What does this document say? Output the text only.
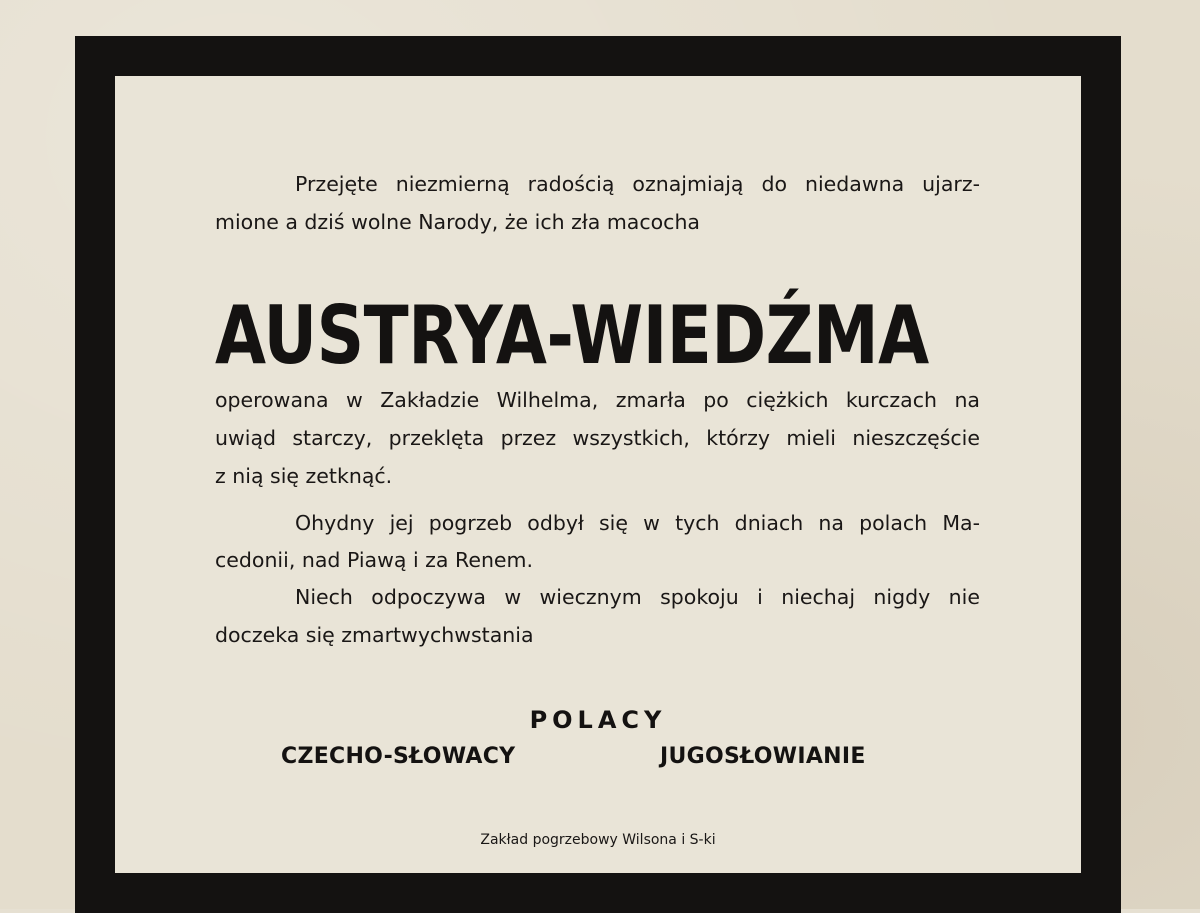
Przejęte niezmierną radością oznajmiają do niedawna ujarz-
mione a dziś wolne Narody, że ich zła macocha
AUSTRYA-WIEDŹMA
operowana w Zakładzie Wilhelma, zmarła po ciężkich kurczach na
uwiąd starczy, przeklęta przez wszystkich, którzy mieli nieszczęście
z nią się zetknąć.
Ohydny jej pogrzeb odbył się w tych dniach na polach Ma-
cedonii, nad Piawą i za Renem.
Niech odpoczywa w wiecznym spokoju i niechaj nigdy nie
doczeka się zmartwychwstania
POLACY
CZECHO-SŁOWACY	JUGOSŁOWIANIE
Zakład pogrzebowy Wilsona i S-ki
